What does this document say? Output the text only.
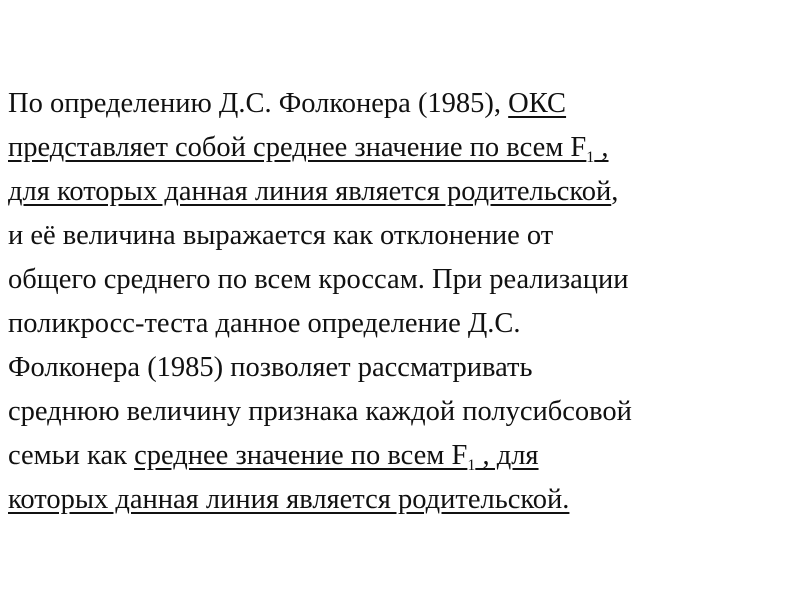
По определению Д.С. Фолконера (1985), ОКС
представляет собой среднее значение по всем $F_1$ ,
для которых данная линия является родительской,
и её величина выражается как отклонение от
общего среднего по всем кроссам. При реализации
поликросс-теста данное определение Д.С.
Фолконера (1985) позволяет рассматривать
среднюю величину признака каждой полусибсовой
семьи как среднее значение по всем $F_1$ , для
которых данная линия является родительской.
